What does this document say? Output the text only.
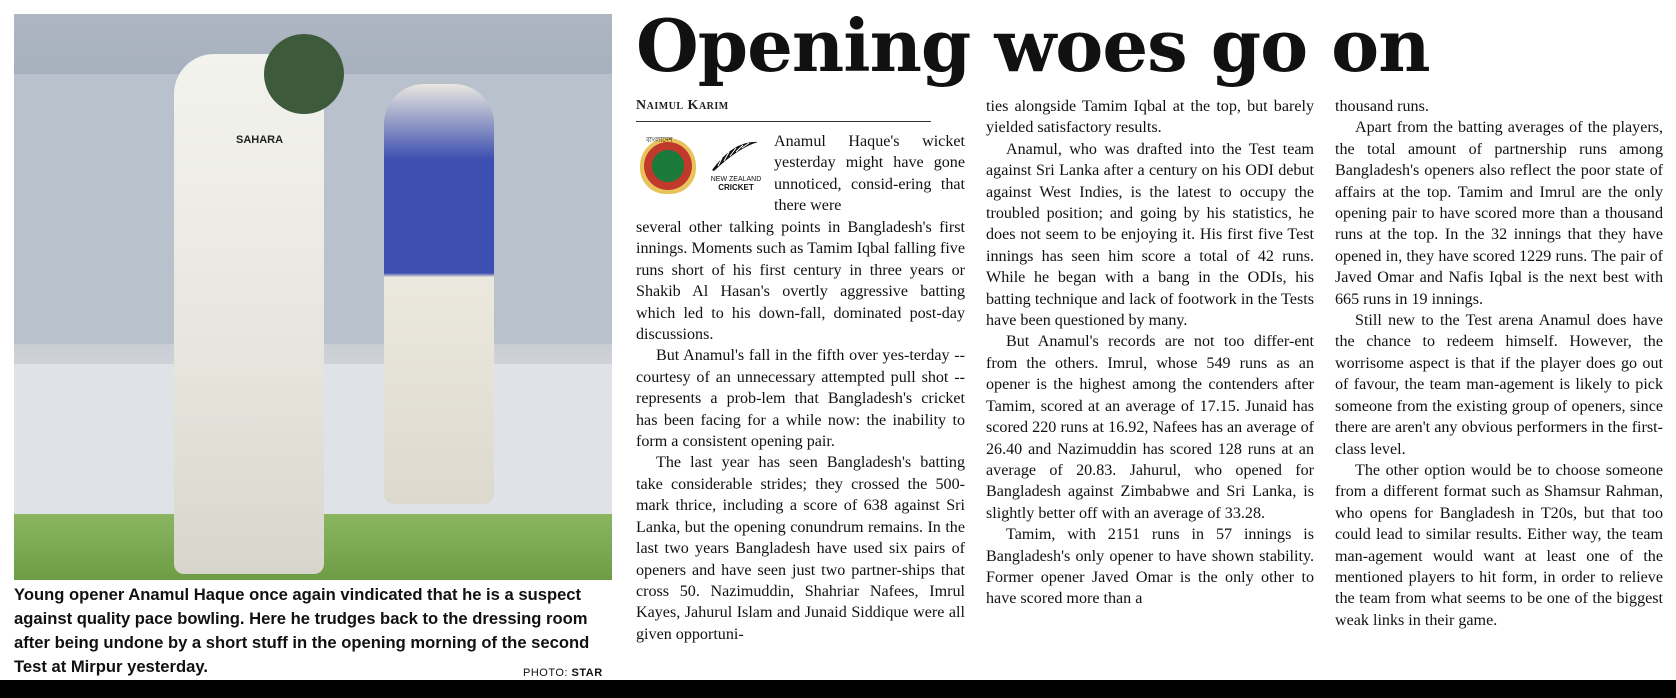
SAHARA
Young opener Anamul Haque once again vindicated that he is a suspect against quality pace bowling. Here he trudges back to the dressing room after being undone by a short stuff in the opening morning of the second Test at Mirpur yesterday.	PHOTO: STAR
Opening woes go on
Naimul Karim
বাংলাদেশ
NEW ZEALAND
CRICKET
Anamul Haque's wicket yesterday might have gone unnoticed, consid-ering that there were

several other talking points in Bangladesh's first innings. Moments such as Tamim Iqbal falling five runs short of his first century in three years or Shakib Al Hasan's overtly aggressive batting which led to his down-fall, dominated post-day discussions.

But Anamul's fall in the fifth over yes-terday -- courtesy of an unnecessary attempted pull shot -- represents a prob-lem that Bangladesh's cricket has been facing for a while now: the inability to form a consistent opening pair.

The last year has seen Bangladesh's batting take considerable strides; they crossed the 500-mark thrice, including a score of 638 against Sri Lanka, but the opening conundrum remains. In the last two years Bangladesh have used six pairs of openers and have seen just two partner-ships that cross 50. Nazimuddin, Shahriar Nafees, Imrul Kayes, Jahurul Islam and Junaid Siddique were all given opportuni-

ties alongside Tamim Iqbal at the top, but barely yielded satisfactory results.

Anamul, who was drafted into the Test team against Sri Lanka after a century on his ODI debut against West Indies, is the latest to occupy the troubled position; and going by his statistics, he does not seem to be enjoying it. His first five Test innings has seen him score a total of 42 runs. While he began with a bang in the ODIs, his batting technique and lack of footwork in the Tests have been questioned by many.

But Anamul's records are not too differ-ent from the others. Imrul, whose 549 runs as an opener is the highest among the contenders after Tamim, scored at an average of 17.15. Junaid has scored 220 runs at 16.92, Nafees has an average of 26.40 and Nazimuddin has scored 128 runs at an average of 20.83. Jahurul, who opened for Bangladesh against Zimbabwe and Sri Lanka, is slightly better off with an average of 33.28.

Tamim, with 2151 runs in 57 innings is Bangladesh's only opener to have shown stability. Former opener Javed Omar is the only other to have scored more than a

thousand runs.

Apart from the batting averages of the players, the total amount of partnership runs among Bangladesh's openers also reflect the poor state of affairs at the top. Tamim and Imrul are the only opening pair to have scored more than a thousand runs at the top. In the 32 innings that they have opened in, they have scored 1229 runs. The pair of Javed Omar and Nafis Iqbal is the next best with 665 runs in 19 innings.

Still new to the Test arena Anamul does have the chance to redeem himself. However, the worrisome aspect is that if the player does go out of favour, the team man-agement is likely to pick someone from the existing group of openers, since there are aren't any obvious performers in the first-class level.

The other option would be to choose someone from a different format such as Shamsur Rahman, who opens for Bangladesh in T20s, but that too could lead to similar results. Either way, the team man-agement would want at least one of the mentioned players to hit form, in order to relieve the team from what seems to be one of the biggest weak links in their game.
